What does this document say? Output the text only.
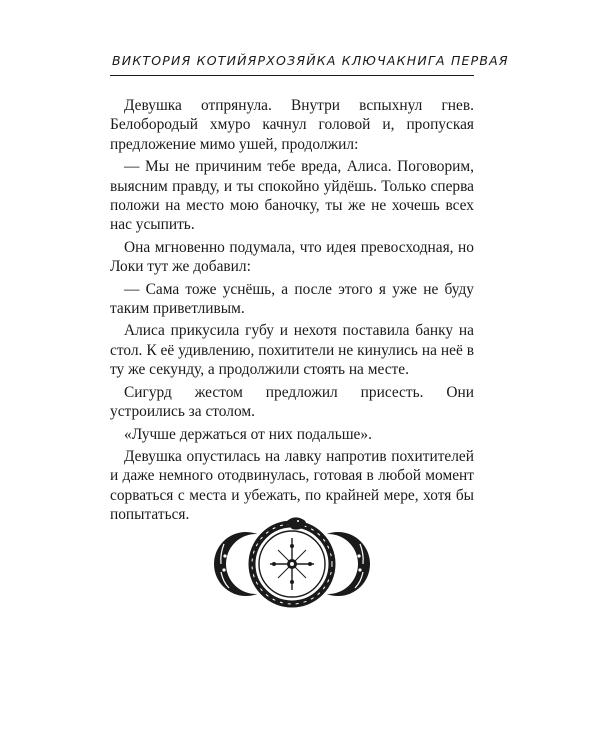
ВИКТОРИЯ КОТИЙЯР ХОЗЯЙКА КЛЮЧА КНИГА ПЕРВАЯ

Девушка отпрянула. Внутри вспыхнул гнев. Белобородый хмуро качнул головой и, пропуская предложение мимо ушей, продолжил:

— Мы не причиним тебе вреда, Алиса. Поговорим, выясним правду, и ты спокойно уйдёшь. Только сперва положи на место мою баночку, ты же не хочешь всех нас усыпить.

Она мгновенно подумала, что идея превосходная, но Локи тут же добавил:

— Сама тоже уснёшь, а после этого я уже не буду таким приветливым.

Алиса прикусила губу и нехотя поставила банку на стол. К её удивлению, похитители не кинулись на неё в ту же секунду, а продолжили стоять на месте.

Сигурд жестом предложил присесть. Они устроились за столом.

«Лучше держаться от них подальше».

Девушка опустилась на лавку напротив похитителей и даже немного отодвинулась, готовая в любой момент сорваться с места и убежать, по крайней мере, хотя бы попытаться.
